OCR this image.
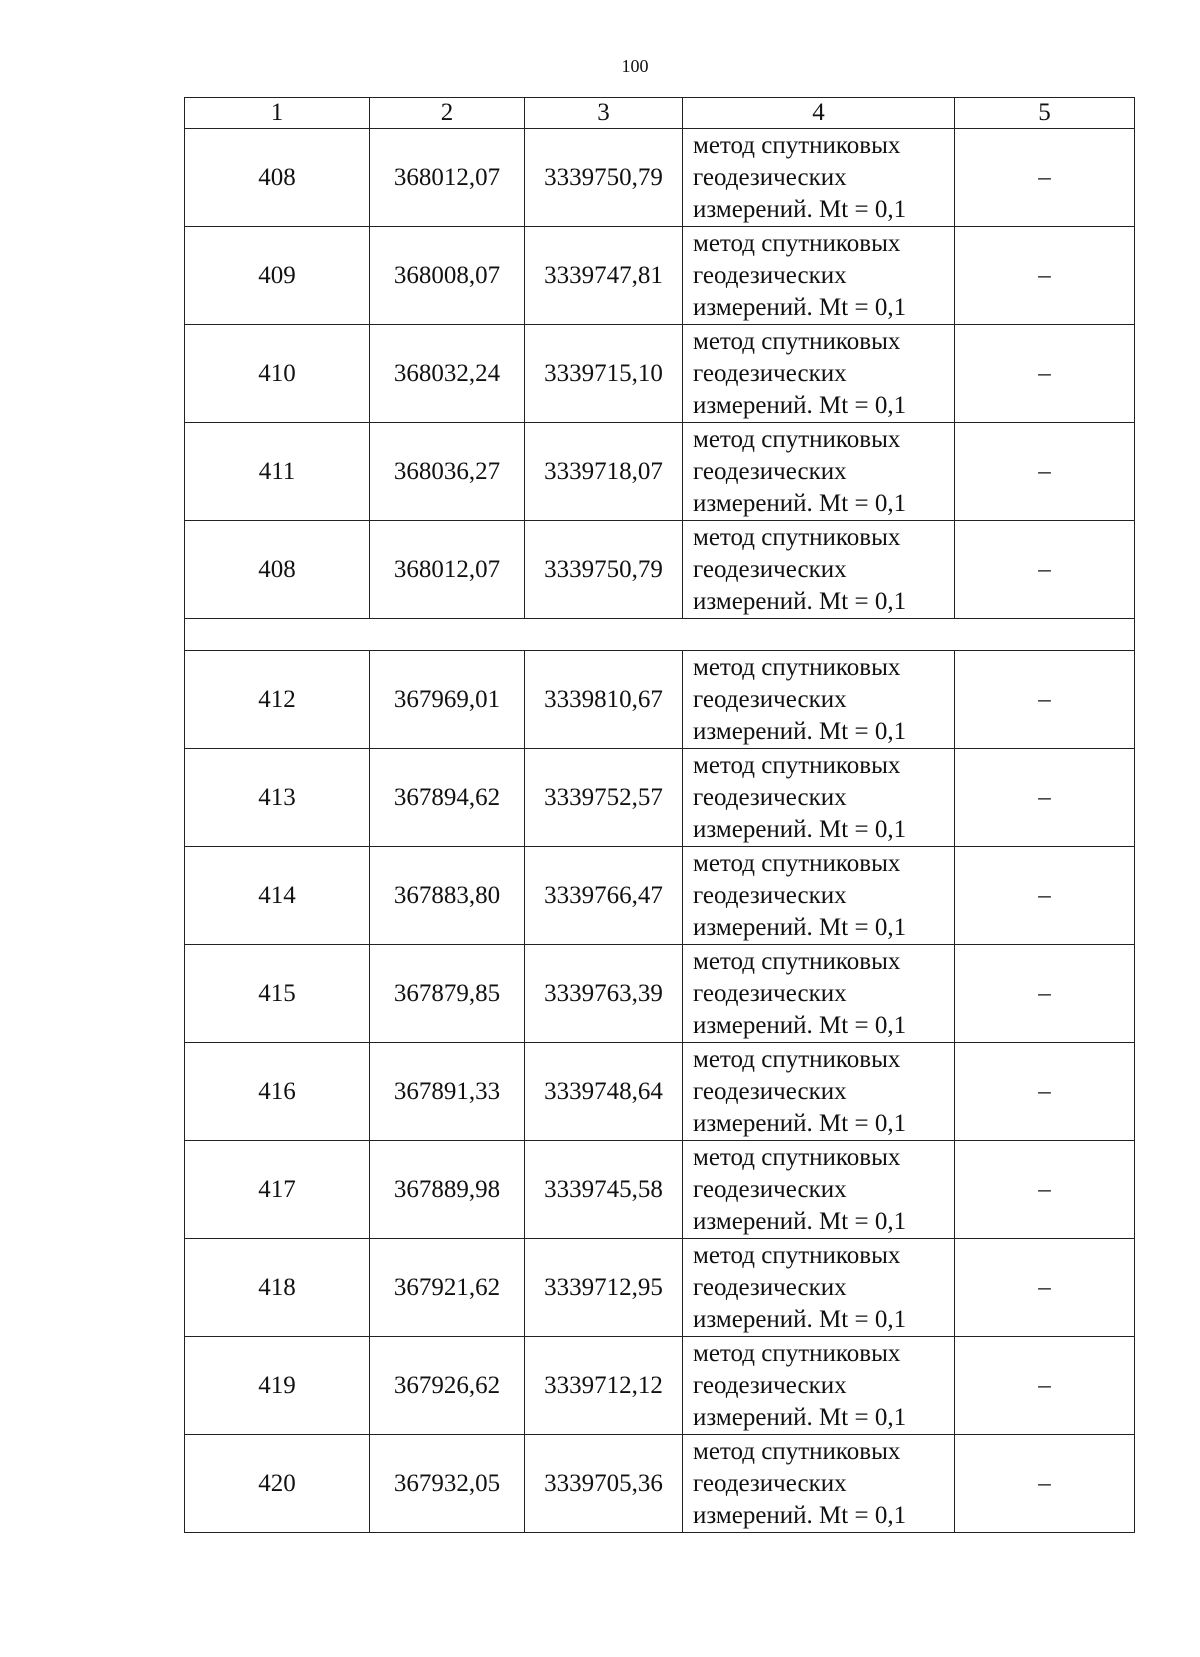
100
1	2	3	4	5
408	368012,07	3339750,79	метод спутниковых
геодезических
измерений. Mt = 0,1	–
409	368008,07	3339747,81	метод спутниковых
геодезических
измерений. Mt = 0,1	–
410	368032,24	3339715,10	метод спутниковых
геодезических
измерений. Mt = 0,1	–
411	368036,27	3339718,07	метод спутниковых
геодезических
измерений. Mt = 0,1	–
408	368012,07	3339750,79	метод спутниковых
геодезических
измерений. Mt = 0,1	–

412	367969,01	3339810,67	метод спутниковых
геодезических
измерений. Mt = 0,1	–
413	367894,62	3339752,57	метод спутниковых
геодезических
измерений. Mt = 0,1	–
414	367883,80	3339766,47	метод спутниковых
геодезических
измерений. Mt = 0,1	–
415	367879,85	3339763,39	метод спутниковых
геодезических
измерений. Mt = 0,1	–
416	367891,33	3339748,64	метод спутниковых
геодезических
измерений. Mt = 0,1	–
417	367889,98	3339745,58	метод спутниковых
геодезических
измерений. Mt = 0,1	–
418	367921,62	3339712,95	метод спутниковых
геодезических
измерений. Mt = 0,1	–
419	367926,62	3339712,12	метод спутниковых
геодезических
измерений. Mt = 0,1	–
420	367932,05	3339705,36	метод спутниковых
геодезических
измерений. Mt = 0,1	–
